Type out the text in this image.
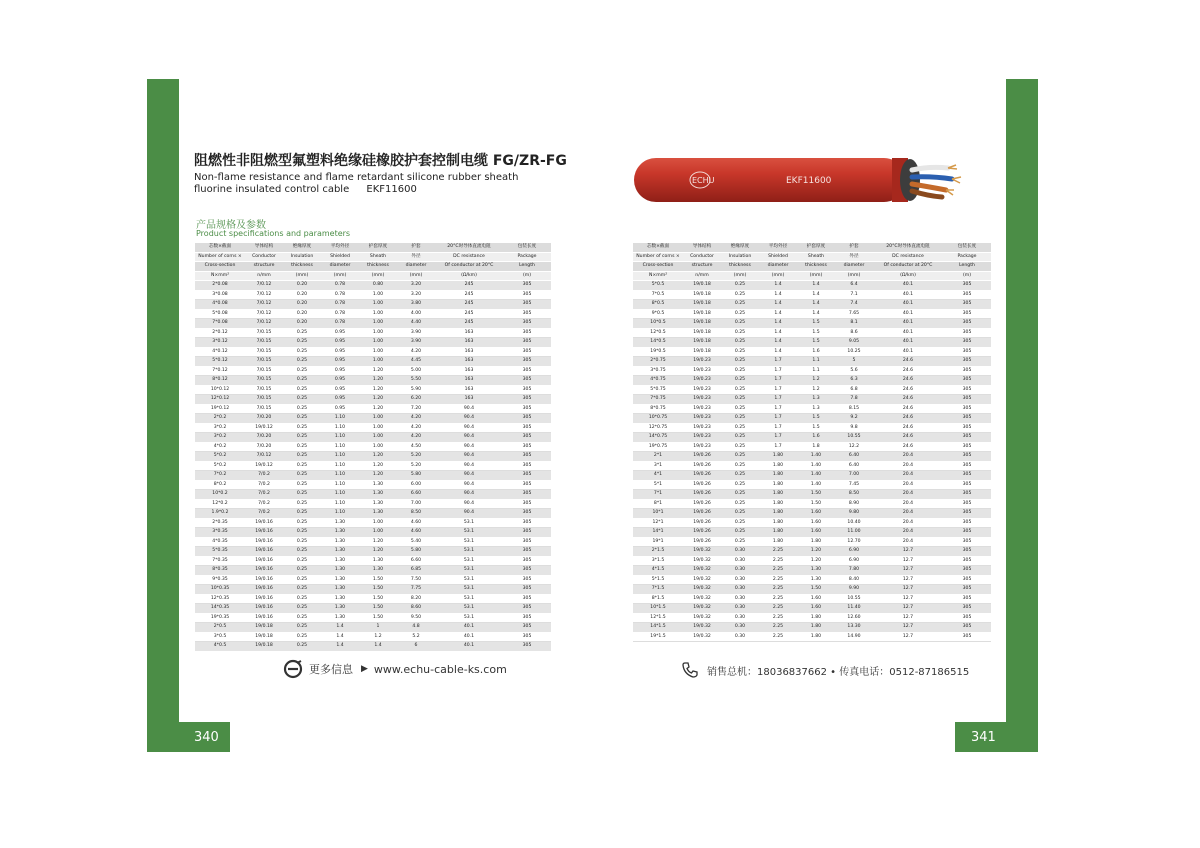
340	341
阻燃性非阻燃型氟塑料绝缘硅橡胶护套控制电缆 FG/ZR-FG
Non-flame resistance and flame retardant silicone rubber sheath fluorine insulated control cable EKF11600
产品规格及参数
Product specifications and parameters
ECHU	EKF11600
芯数×截面	导体结构	绝缘厚度	平均外径	护套厚度	护套	20°C时导体直流电阻	包装长度
Number of corns ×	Conductor	Insulation	Shielded	Sheath	外径	DC resistance	Package
Cross-section	structure	thickness	diameter	thickness	diameter	Of conductor at 20°C	Length
N×mm²	n/mm	(mm)	(mm)	(mm)	(mm)	(Ω/km)	(m)
2*0.08	7/0.12	0.20	0.78	0.80	3.20	245	305
3*0.08	7/0.12	0.20	0.78	1.00	3.20	245	305
4*0.08	7/0.12	0.20	0.78	1.00	3.80	245	305
5*0.08	7/0.12	0.20	0.78	1.00	4.00	245	305
7*0.08	7/0.12	0.20	0.78	1.00	4.40	245	305
2*0.12	7/0.15	0.25	0.95	1.00	3.90	163	305
3*0.12	7/0.15	0.25	0.95	1.00	3.90	163	305
4*0.12	7/0.15	0.25	0.95	1.00	4.20	163	305
5*0.12	7/0.15	0.25	0.95	1.00	4.45	163	305
7*0.12	7/0.15	0.25	0.95	1.20	5.00	163	305
8*0.12	7/0.15	0.25	0.95	1.20	5.50	163	305
10*0.12	7/0.15	0.25	0.95	1.20	5.90	163	305
12*0.12	7/0.15	0.25	0.95	1.20	6.20	163	305
19*0.12	7/0.15	0.25	0.95	1.20	7.20	90.4	305
2*0.2	7/0.20	0.25	1.10	1.00	4.20	90.4	305
3*0.2	19/0.12	0.25	1.10	1.00	4.20	90.4	305
3*0.2	7/0.20	0.25	1.10	1.00	4.20	90.4	305
4*0.2	7/0.20	0.25	1.10	1.00	4.50	90.4	305
5*0.2	7/0.12	0.25	1.10	1.20	5.20	90.4	305
5*0.2	19/0.12	0.25	1.10	1.20	5.20	90.4	305
7*0.2	7/0.2	0.25	1.10	1.20	5.80	90.4	305
8*0.2	7/0.2	0.25	1.10	1.30	6.00	90.4	305
10*0.2	7/0.2	0.25	1.10	1.30	6.60	90.4	305
12*0.2	7/0.2	0.25	1.10	1.30	7.00	90.4	305
1.9*0.2	7/0.2	0.25	1.10	1.30	8.50	90.4	305
2*0.35	19/0.16	0.25	1.30	1.00	4.60	53.1	305
3*0.35	19/0.16	0.25	1.30	1.00	4.60	53.1	305
4*0.35	19/0.16	0.25	1.30	1.20	5.40	53.1	305
5*0.35	19/0.16	0.25	1.30	1.20	5.80	53.1	305
7*0.35	19/0.16	0.25	1.30	1.30	6.60	53.1	305
8*0.35	19/0.16	0.25	1.30	1.30	6.85	53.1	305
9*0.35	19/0.16	0.25	1.30	1.50	7.50	53.1	305
10*0.35	19/0.16	0.25	1.30	1.50	7.75	53.1	305
12*0.35	19/0.16	0.25	1.30	1.50	8.20	53.1	305
14*0.35	19/0.16	0.25	1.30	1.50	8.60	53.1	305
19*0.35	19/0.16	0.25	1.30	1.50	9.50	53.1	305
2*0.5	19/0.18	0.25	1.4	1	4.8	40.1	305
3*0.5	19/0.18	0.25	1.4	1.2	5.2	40.1	305
4*0.5	19/0.18	0.25	1.4	1.4	6	40.1	305
芯数×截面	导体结构	绝缘厚度	平均外径	护套厚度	护套	20°C时导体直流电阻	包装长度
Number of corns ×	Conductor	Insulation	Shielded	Sheath	外径	DC resistance	Package
Cross-section	structure	thickness	diameter	thickness	diameter	Of conductor at 20°C	Length
N×mm²	n/mm	(mm)	(mm)	(mm)	(mm)	(Ω/km)	(m)
5*0.5	19/0.18	0.25	1.4	1.4	6.4	40.1	305
7*0.5	19/0.18	0.25	1.4	1.4	7.1	40.1	305
8*0.5	19/0.18	0.25	1.4	1.4	7.4	40.1	305
9*0.5	19/0.18	0.25	1.4	1.4	7.65	40.1	305
10*0.5	19/0.18	0.25	1.4	1.5	8.1	40.1	305
12*0.5	19/0.18	0.25	1.4	1.5	8.6	40.1	305
14*0.5	19/0.18	0.25	1.4	1.5	9.05	40.1	305
19*0.5	19/0.18	0.25	1.4	1.6	10.25	40.1	305
2*0.75	19/0.23	0.25	1.7	1.1	5	24.6	305
3*0.75	19/0.23	0.25	1.7	1.1	5.6	24.6	305
4*0.75	19/0.23	0.25	1.7	1.2	6.3	24.6	305
5*0.75	19/0.23	0.25	1.7	1.2	6.8	24.6	305
7*0.75	19/0.23	0.25	1.7	1.3	7.8	24.6	305
8*0.75	19/0.23	0.25	1.7	1.3	8.15	24.6	305
10*0.75	19/0.23	0.25	1.7	1.5	9.2	24.6	305
12*0.75	19/0.23	0.25	1.7	1.5	9.8	24.6	305
14*0.75	19/0.23	0.25	1.7	1.6	10.55	24.6	305
19*0.75	19/0.23	0.25	1.7	1.8	12.2	24.6	305
2*1	19/0.26	0.25	1.80	1.40	6.40	20.4	305
3*1	19/0.26	0.25	1.80	1.40	6.40	20.4	305
4*1	19/0.26	0.25	1.80	1.40	7.00	20.4	305
5*1	19/0.26	0.25	1.80	1.40	7.45	20.4	305
7*1	19/0.26	0.25	1.80	1.50	8.50	20.4	305
8*1	19/0.26	0.25	1.80	1.50	8.90	20.4	305
10*1	19/0.26	0.25	1.80	1.60	9.80	20.4	305
12*1	19/0.26	0.25	1.80	1.60	10.40	20.4	305
14*1	19/0.26	0.25	1.80	1.60	11.00	20.4	305
19*1	19/0.26	0.25	1.80	1.80	12.70	20.4	305
2*1.5	19/0.32	0.30	2.25	1.20	6.90	12.7	305
3*1.5	19/0.32	0.30	2.25	1.20	6.90	12.7	305
4*1.5	19/0.32	0.30	2.25	1.30	7.80	12.7	305
5*1.5	19/0.32	0.30	2.25	1.30	8.40	12.7	305
7*1.5	19/0.32	0.30	2.25	1.50	9.90	12.7	305
8*1.5	19/0.32	0.30	2.25	1.60	10.55	12.7	305
10*1.5	19/0.32	0.30	2.25	1.60	11.40	12.7	305
12*1.5	19/0.32	0.30	2.25	1.80	12.60	12.7	305
14*1.5	19/0.32	0.30	2.25	1.80	13.30	12.7	305
19*1.5	19/0.32	0.30	2.25	1.80	14.90	12.7	305
更多信息 ▶ www.echu-cable-ks.com	销售总机：18036837662 • 传真电话：0512-87186515
